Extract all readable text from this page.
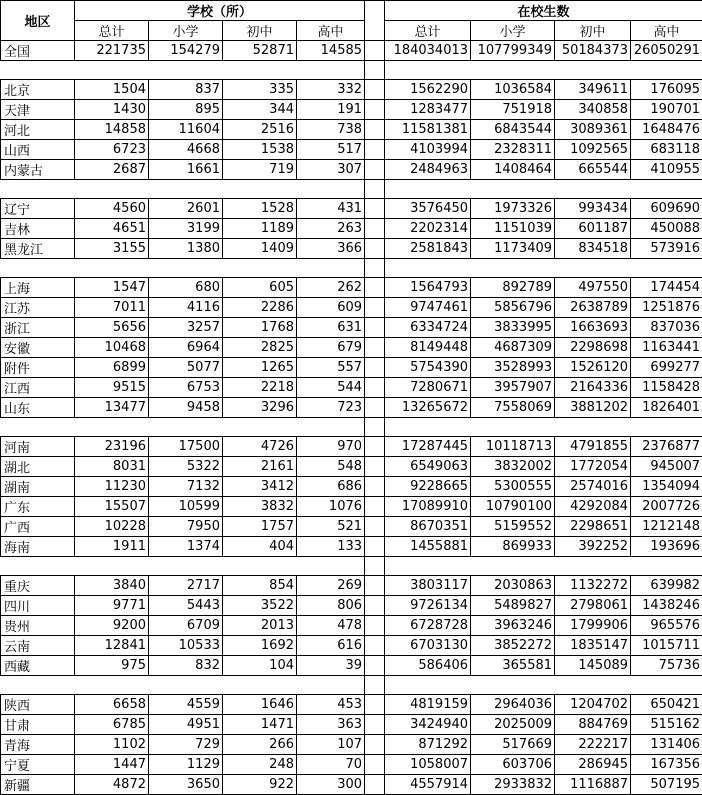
地区	学校（所）					在校生数			
	总计	小学	初中	高中		总计	小学	初中	高中
全国	221735	154279	52871	14585		184034013	107799349	50184373	26050291

北京	1504	837	335	332		1562290	1036584	349611	176095
天津	1430	895	344	191		1283477	751918	340858	190701
河北	14858	11604	2516	738		11581381	6843544	3089361	1648476
山西	6723	4668	1538	517		4103994	2328311	1092565	683118
内蒙古	2687	1661	719	307		2484963	1408464	665544	410955

辽宁	4560	2601	1528	431		3576450	1973326	993434	609690
吉林	4651	3199	1189	263		2202314	1151039	601187	450088
黑龙江	3155	1380	1409	366		2581843	1173409	834518	573916

上海	1547	680	605	262		1564793	892789	497550	174454
江苏	7011	4116	2286	609		9747461	5856796	2638789	1251876
浙江	5656	3257	1768	631		6334724	3833995	1663693	837036
安徽	10468	6964	2825	679		8149448	4687309	2298698	1163441
附件	6899	5077	1265	557		5754390	3528993	1526120	699277
江西	9515	6753	2218	544		7280671	3957907	2164336	1158428
山东	13477	9458	3296	723		13265672	7558069	3881202	1826401

河南	23196	17500	4726	970		17287445	10118713	4791855	2376877
湖北	8031	5322	2161	548		6549063	3832002	1772054	945007
湖南	11230	7132	3412	686		9228665	5300555	2574016	1354094
广东	15507	10599	3832	1076		17089910	10790100	4292084	2007726
广西	10228	7950	1757	521		8670351	5159552	2298651	1212148
海南	1911	1374	404	133		1455881	869933	392252	193696

重庆	3840	2717	854	269		3803117	2030863	1132272	639982
四川	9771	5443	3522	806		9726134	5489827	2798061	1438246
贵州	9200	6709	2013	478		6728728	3963246	1799906	965576
云南	12841	10533	1692	616		6703130	3852272	1835147	1015711
西藏	975	832	104	39		586406	365581	145089	75736

陕西	6658	4559	1646	453		4819159	2964036	1204702	650421
甘肃	6785	4951	1471	363		3424940	2025009	884769	515162
青海	1102	729	266	107		871292	517669	222217	131406
宁夏	1447	1129	248	70		1058007	603706	286945	167356
新疆	4872	3650	922	300		4557914	2933832	1116887	507195
